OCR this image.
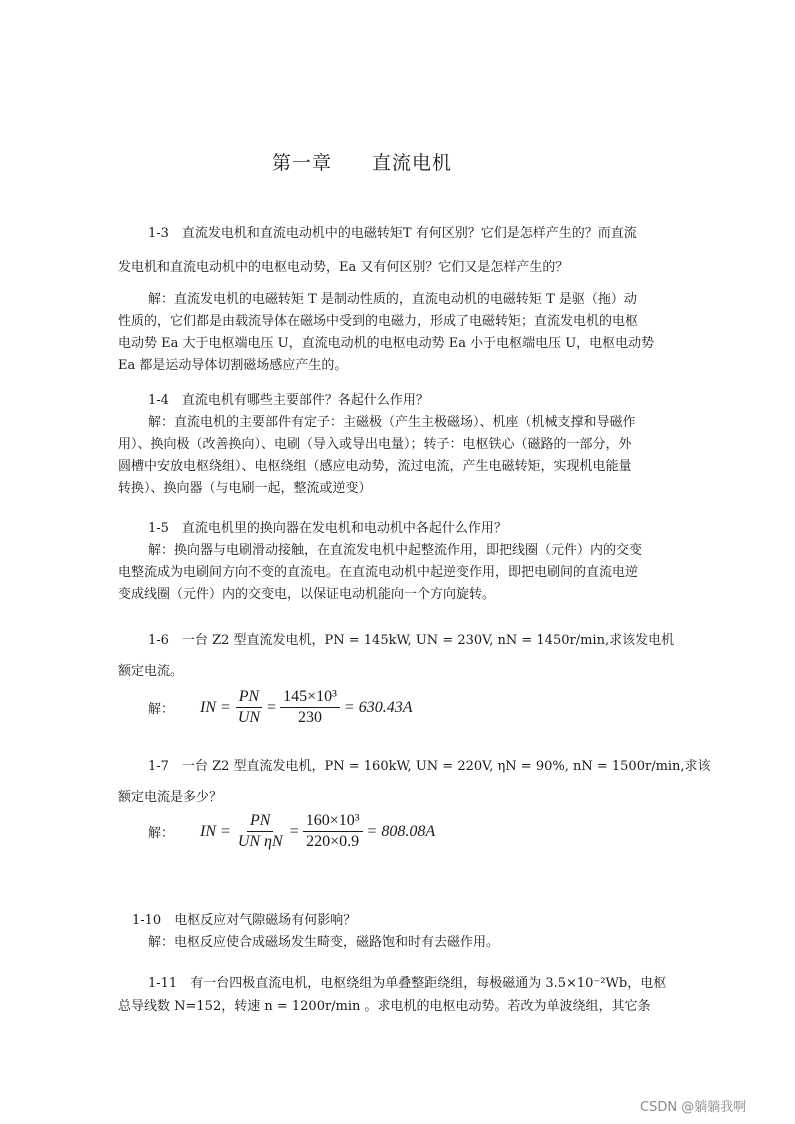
第一章　　直流电机
1-3　直流发电机和直流电动机中的电磁转矩T 有何区别？它们是怎样产生的？而直流
发电机和直流电动机中的电枢电动势，Ea 又有何区别？它们又是怎样产生的？
解：直流发电机的电磁转矩 T 是制动性质的，直流电动机的电磁转矩 T 是驱（拖）动
性质的，它们都是由载流导体在磁场中受到的电磁力，形成了电磁转矩；直流发电机的电枢
电动势 Ea 大于电枢端电压 U，直流电动机的电枢电动势 Ea 小于电枢端电压 U，电枢电动势
Ea 都是运动导体切割磁场感应产生的。
1-4　直流电机有哪些主要部件？各起什么作用？
解：直流电机的主要部件有定子：主磁极（产生主极磁场）、机座（机械支撑和导磁作
用）、换向极（改善换向）、电刷（导入或导出电量）；转子：电枢铁心（磁路的一部分，外
圆槽中安放电枢绕组）、电枢绕组（感应电动势，流过电流，产生电磁转矩，实现机电能量
转换）、换向器（与电刷一起，整流或逆变）
1-5　直流电机里的换向器在发电机和电动机中各起什么作用？
解：换向器与电刷滑动接触，在直流发电机中起整流作用，即把线圈（元件）内的交变
电整流成为电刷间方向不变的直流电。在直流电动机中起逆变作用，即把电刷间的直流电逆
变成线圈（元件）内的交变电，以保证电动机能向一个方向旋转。
1-6　一台 Z2 型直流发电机，PN = 145kW, UN = 230V, nN = 1450r/min,求该发电机
额定电流。
解： IN = $\frac{PN}{UN} = \frac{\text{145×10³}}{230} = 630.43A$
1-7　一台 Z2 型直流发电机，PN = 160kW, UN = 220V, ηN = 90%, nN = 1500r/min,求该
额定电流是多少？
解： IN = $\frac{PN}{\text{UN ηN}} = \frac{\text{160×10³}}{220\times 0.9} = 808.08A$
1-10　电枢反应对气隙磁场有何影响？
解：电枢反应使合成磁场发生畸变，磁路饱和时有去磁作用。
1-11　有一台四极直流电机，电枢绕组为单叠整距绕组，每极磁通为 3.5×10⁻²Wb，电枢
总导线数 N=152，转速 n = 1200r/min 。求电机的电枢电动势。若改为单波绕组，其它条
CSDN @躺躺我啊
